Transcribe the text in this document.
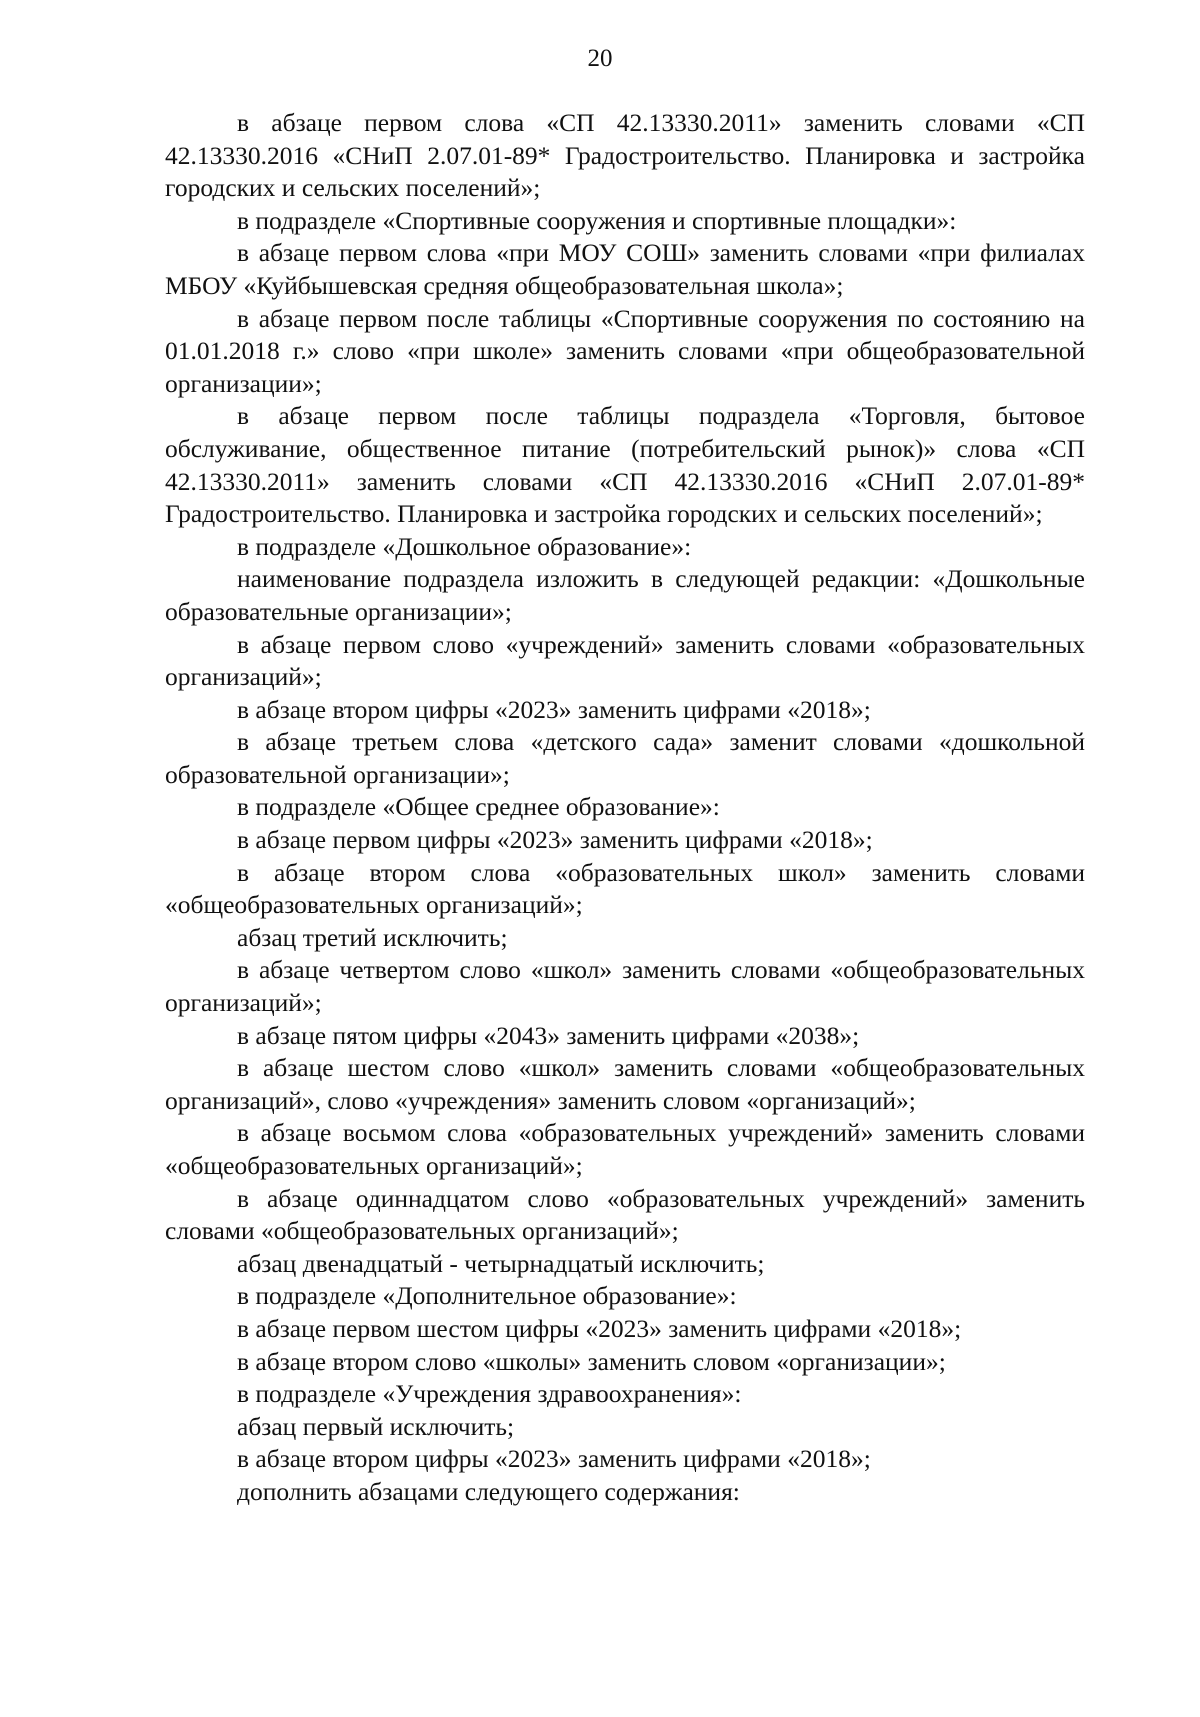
20

в абзаце первом слова «СП 42.13330.2011» заменить словами «СП 42.13330.2016 «СНиП 2.07.01-89* Градостроительство. Планировка и застройка городских и сельских поселений»;

в подразделе «Спортивные сооружения и спортивные площадки»:

в абзаце первом слова «при МОУ СОШ» заменить словами «при филиалах МБОУ «Куйбышевская средняя общеобразовательная школа»;

в абзаце первом после таблицы «Спортивные сооружения по состоянию на 01.01.2018 г.» слово «при школе» заменить словами «при общеобразовательной организации»;

в абзаце первом после таблицы подраздела «Торговля, бытовое обслуживание, общественное питание (потребительский рынок)» слова «СП 42.13330.2011» заменить словами «СП 42.13330.2016 «СНиП 2.07.01-89* Градостроительство. Планировка и застройка городских и сельских поселений»;

в подразделе «Дошкольное образование»:

наименование подраздела изложить в следующей редакции: «Дошкольные образовательные организации»;

в абзаце первом слово «учреждений» заменить словами «образовательных организаций»;

в абзаце втором цифры «2023» заменить цифрами «2018»;

в абзаце третьем слова «детского сада» заменит словами «дошкольной образовательной организации»;

в подразделе «Общее среднее образование»:

в абзаце первом цифры «2023» заменить цифрами «2018»;

в абзаце втором слова «образовательных школ» заменить словами «общеобразовательных организаций»;

абзац третий исключить;

в абзаце четвертом слово «школ» заменить словами «общеобразовательных организаций»;

в абзаце пятом цифры «2043» заменить цифрами «2038»;

в абзаце шестом слово «школ» заменить словами «общеобразовательных организаций», слово «учреждения» заменить словом «организаций»;

в абзаце восьмом слова «образовательных учреждений» заменить словами «общеобразовательных организаций»;

в абзаце одиннадцатом слово «образовательных учреждений» заменить словами «общеобразовательных организаций»;

абзац двенадцатый - четырнадцатый исключить;

в подразделе «Дополнительное образование»:

в абзаце первом шестом цифры «2023» заменить цифрами «2018»;

в абзаце втором слово «школы» заменить словом «организации»;

в подразделе «Учреждения здравоохранения»:

абзац первый исключить;

в абзаце втором цифры «2023» заменить цифрами «2018»;

дополнить абзацами следующего содержания:
